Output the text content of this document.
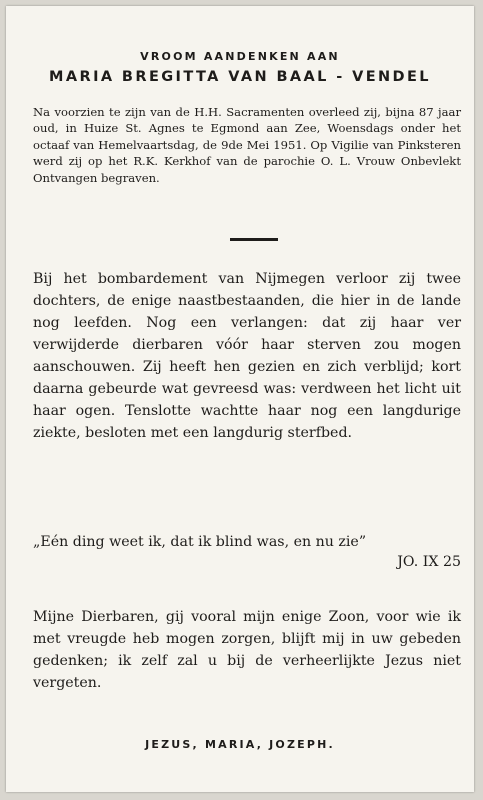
VROOM AANDENKEN AAN
MARIA BREGITTA VAN BAAL - VENDEL
Na voorzien te zijn van de H.H. Sacramenten overleed zij, bijna 87 jaar oud, in Huize St. Agnes te Egmond aan Zee, Woensdags onder het octaaf van Hemelvaartsdag, de 9de Mei 1951. Op Vigilie van Pinksteren werd zij op het R.K. Kerkhof van de parochie O. L. Vrouw Onbevlekt Ontvangen begraven.
Bij het bombardement van Nijmegen verloor zij twee dochters, de enige naastbestaanden, die hier in de lande nog leefden. Nog een verlangen: dat zij haar ver verwijderde dierbaren vóór haar sterven zou mogen aanschouwen. Zij heeft hen gezien en zich verblijd; kort daarna gebeurde wat gevreesd was: verdween het licht uit haar ogen. Tenslotte wachtte haar nog een langdurige ziekte, besloten met een langdurig sterfbed.
„Eén ding weet ik, dat ik blind was, en nu zie”
JO. IX 25
Mijne Dierbaren, gij vooral mijn enige Zoon, voor wie ik met vreugde heb mogen zorgen, blijft mij in uw gebeden gedenken; ik zelf zal u bij de verheerlijkte Jezus niet vergeten.
JEZUS, MARIA, JOZEPH.
